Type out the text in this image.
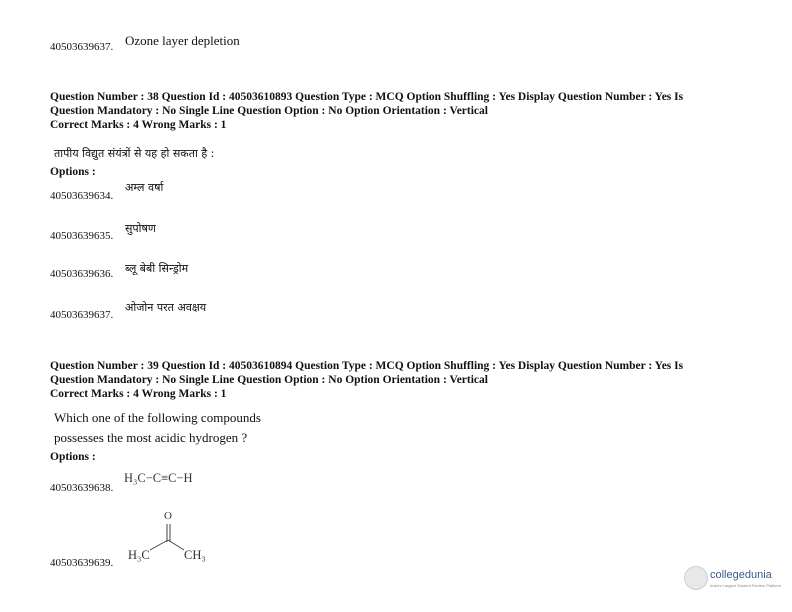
40503639637. Ozone layer depletion
Question Number : 38 Question Id : 40503610893 Question Type : MCQ Option Shuffling : Yes Display Question Number : Yes Is
Question Mandatory : No Single Line Question Option : No Option Orientation : Vertical
Correct Marks : 4 Wrong Marks : 1
तापीय विद्युत संयंत्रों से यह हो सकता है :
Options :
40503639634.
अम्ल वर्षा
40503639635.
सुपोषण
40503639636. ब्लू बेबी सिन्ड्रोम
40503639637.
ओजोन परत अवक्षय
Question Number : 39 Question Id : 40503610894 Question Type : MCQ Option Shuffling : Yes Display Question Number : Yes Is
Question Mandatory : No Single Line Question Option : No Option Orientation : Vertical
Correct Marks : 4 Wrong Marks : 1
Which one of the following compounds
possesses the most acidic hydrogen ?
Options :
40503639638.
H₃C−C≡C−H
40503639639.
O
H₃C	CH₃
collegedunia
India's Largest Student Review Platform
